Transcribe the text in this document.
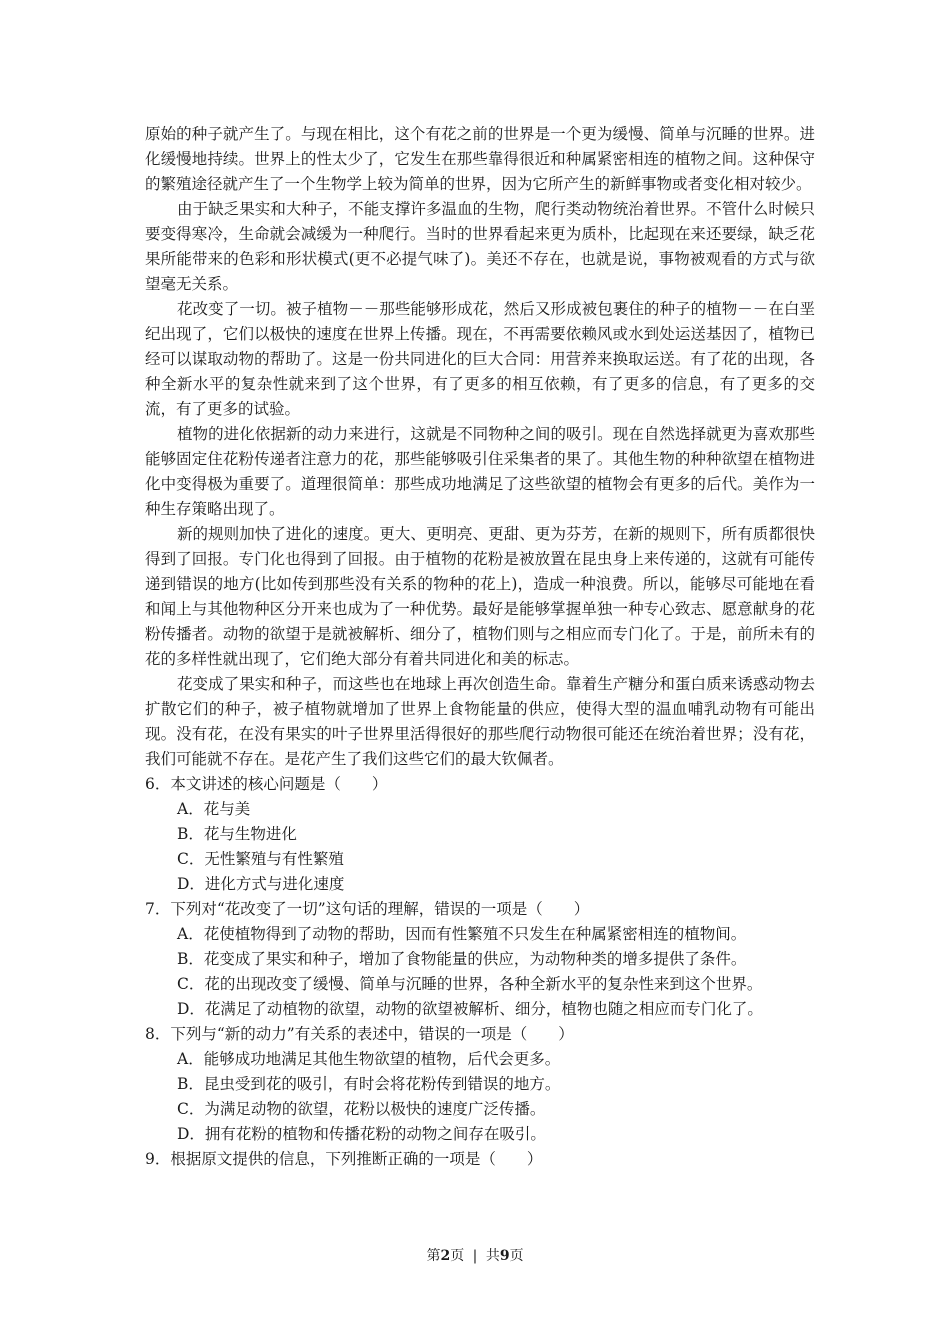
原始的种子就产生了。与现在相比，这个有花之前的世界是一个更为缓慢、简单与沉睡的世界。进化缓慢地持续。世界上的性太少了，它发生在那些靠得很近和种属紧密相连的植物之间。这种保守的繁殖途径就产生了一个生物学上较为简单的世界，因为它所产生的新鲜事物或者变化相对较少。

由于缺乏果实和大种子，不能支撑许多温血的生物，爬行类动物统治着世界。不管什么时候只要变得寒冷，生命就会减缓为一种爬行。当时的世界看起来更为质朴，比起现在来还要绿，缺乏花果所能带来的色彩和形状模式(更不必提气味了)。美还不存在，也就是说，事物被观看的方式与欲望毫无关系。

花改变了一切。被子植物－－那些能够形成花，然后又形成被包裹住的种子的植物－－在白垩纪出现了，它们以极快的速度在世界上传播。现在，不再需要依赖风或水到处运送基因了，植物已经可以谋取动物的帮助了。这是一份共同进化的巨大合同：用营养来换取运送。有了花的出现，各种全新水平的复杂性就来到了这个世界，有了更多的相互依赖，有了更多的信息，有了更多的交流，有了更多的试验。

植物的进化依据新的动力来进行，这就是不同物种之间的吸引。现在自然选择就更为喜欢那些能够固定住花粉传递者注意力的花，那些能够吸引住采集者的果了。其他生物的种种欲望在植物进化中变得极为重要了。道理很简单：那些成功地满足了这些欲望的植物会有更多的后代。美作为一种生存策略出现了。

新的规则加快了进化的速度。更大、更明亮、更甜、更为芬芳，在新的规则下，所有质都很快得到了回报。专门化也得到了回报。由于植物的花粉是被放置在昆虫身上来传递的，这就有可能传递到错误的地方(比如传到那些没有关系的物种的花上)，造成一种浪费。所以，能够尽可能地在看和闻上与其他物种区分开来也成为了一种优势。最好是能够掌握单独一种专心致志、愿意献身的花粉传播者。动物的欲望于是就被解析、细分了，植物们则与之相应而专门化了。于是，前所未有的花的多样性就出现了，它们绝大部分有着共同进化和美的标志。

花变成了果实和种子，而这些也在地球上再次创造生命。靠着生产糖分和蛋白质来诱惑动物去扩散它们的种子，被子植物就增加了世界上食物能量的供应，使得大型的温血哺乳动物有可能出现。没有花，在没有果实的叶子世界里活得很好的那些爬行动物很可能还在统治着世界；没有花，我们可能就不存在。是花产生了我们这些它们的最大钦佩者。

6．本文讲述的核心问题是（　　）

A．花与美
B．花与生物进化
C．无性繁殖与有性繁殖
D．进化方式与进化速度

7．下列对“花改变了一切”这句话的理解，错误的一项是（　　）

A．花使植物得到了动物的帮助，因而有性繁殖不只发生在种属紧密相连的植物间。
B．花变成了果实和种子，增加了食物能量的供应，为动物种类的增多提供了条件。
C．花的出现改变了缓慢、简单与沉睡的世界，各种全新水平的复杂性来到这个世界。
D．花满足了动植物的欲望，动物的欲望被解析、细分，植物也随之相应而专门化了。

8．下列与“新的动力”有关系的表述中，错误的一项是（　　）

A．能够成功地满足其他生物欲望的植物，后代会更多。
B．昆虫受到花的吸引，有时会将花粉传到错误的地方。
C．为满足动物的欲望，花粉以极快的速度广泛传播。
D．拥有花粉的植物和传播花粉的动物之间存在吸引。

9．根据原文提供的信息，下列推断正确的一项是（　　）

第2页 | 共9页
